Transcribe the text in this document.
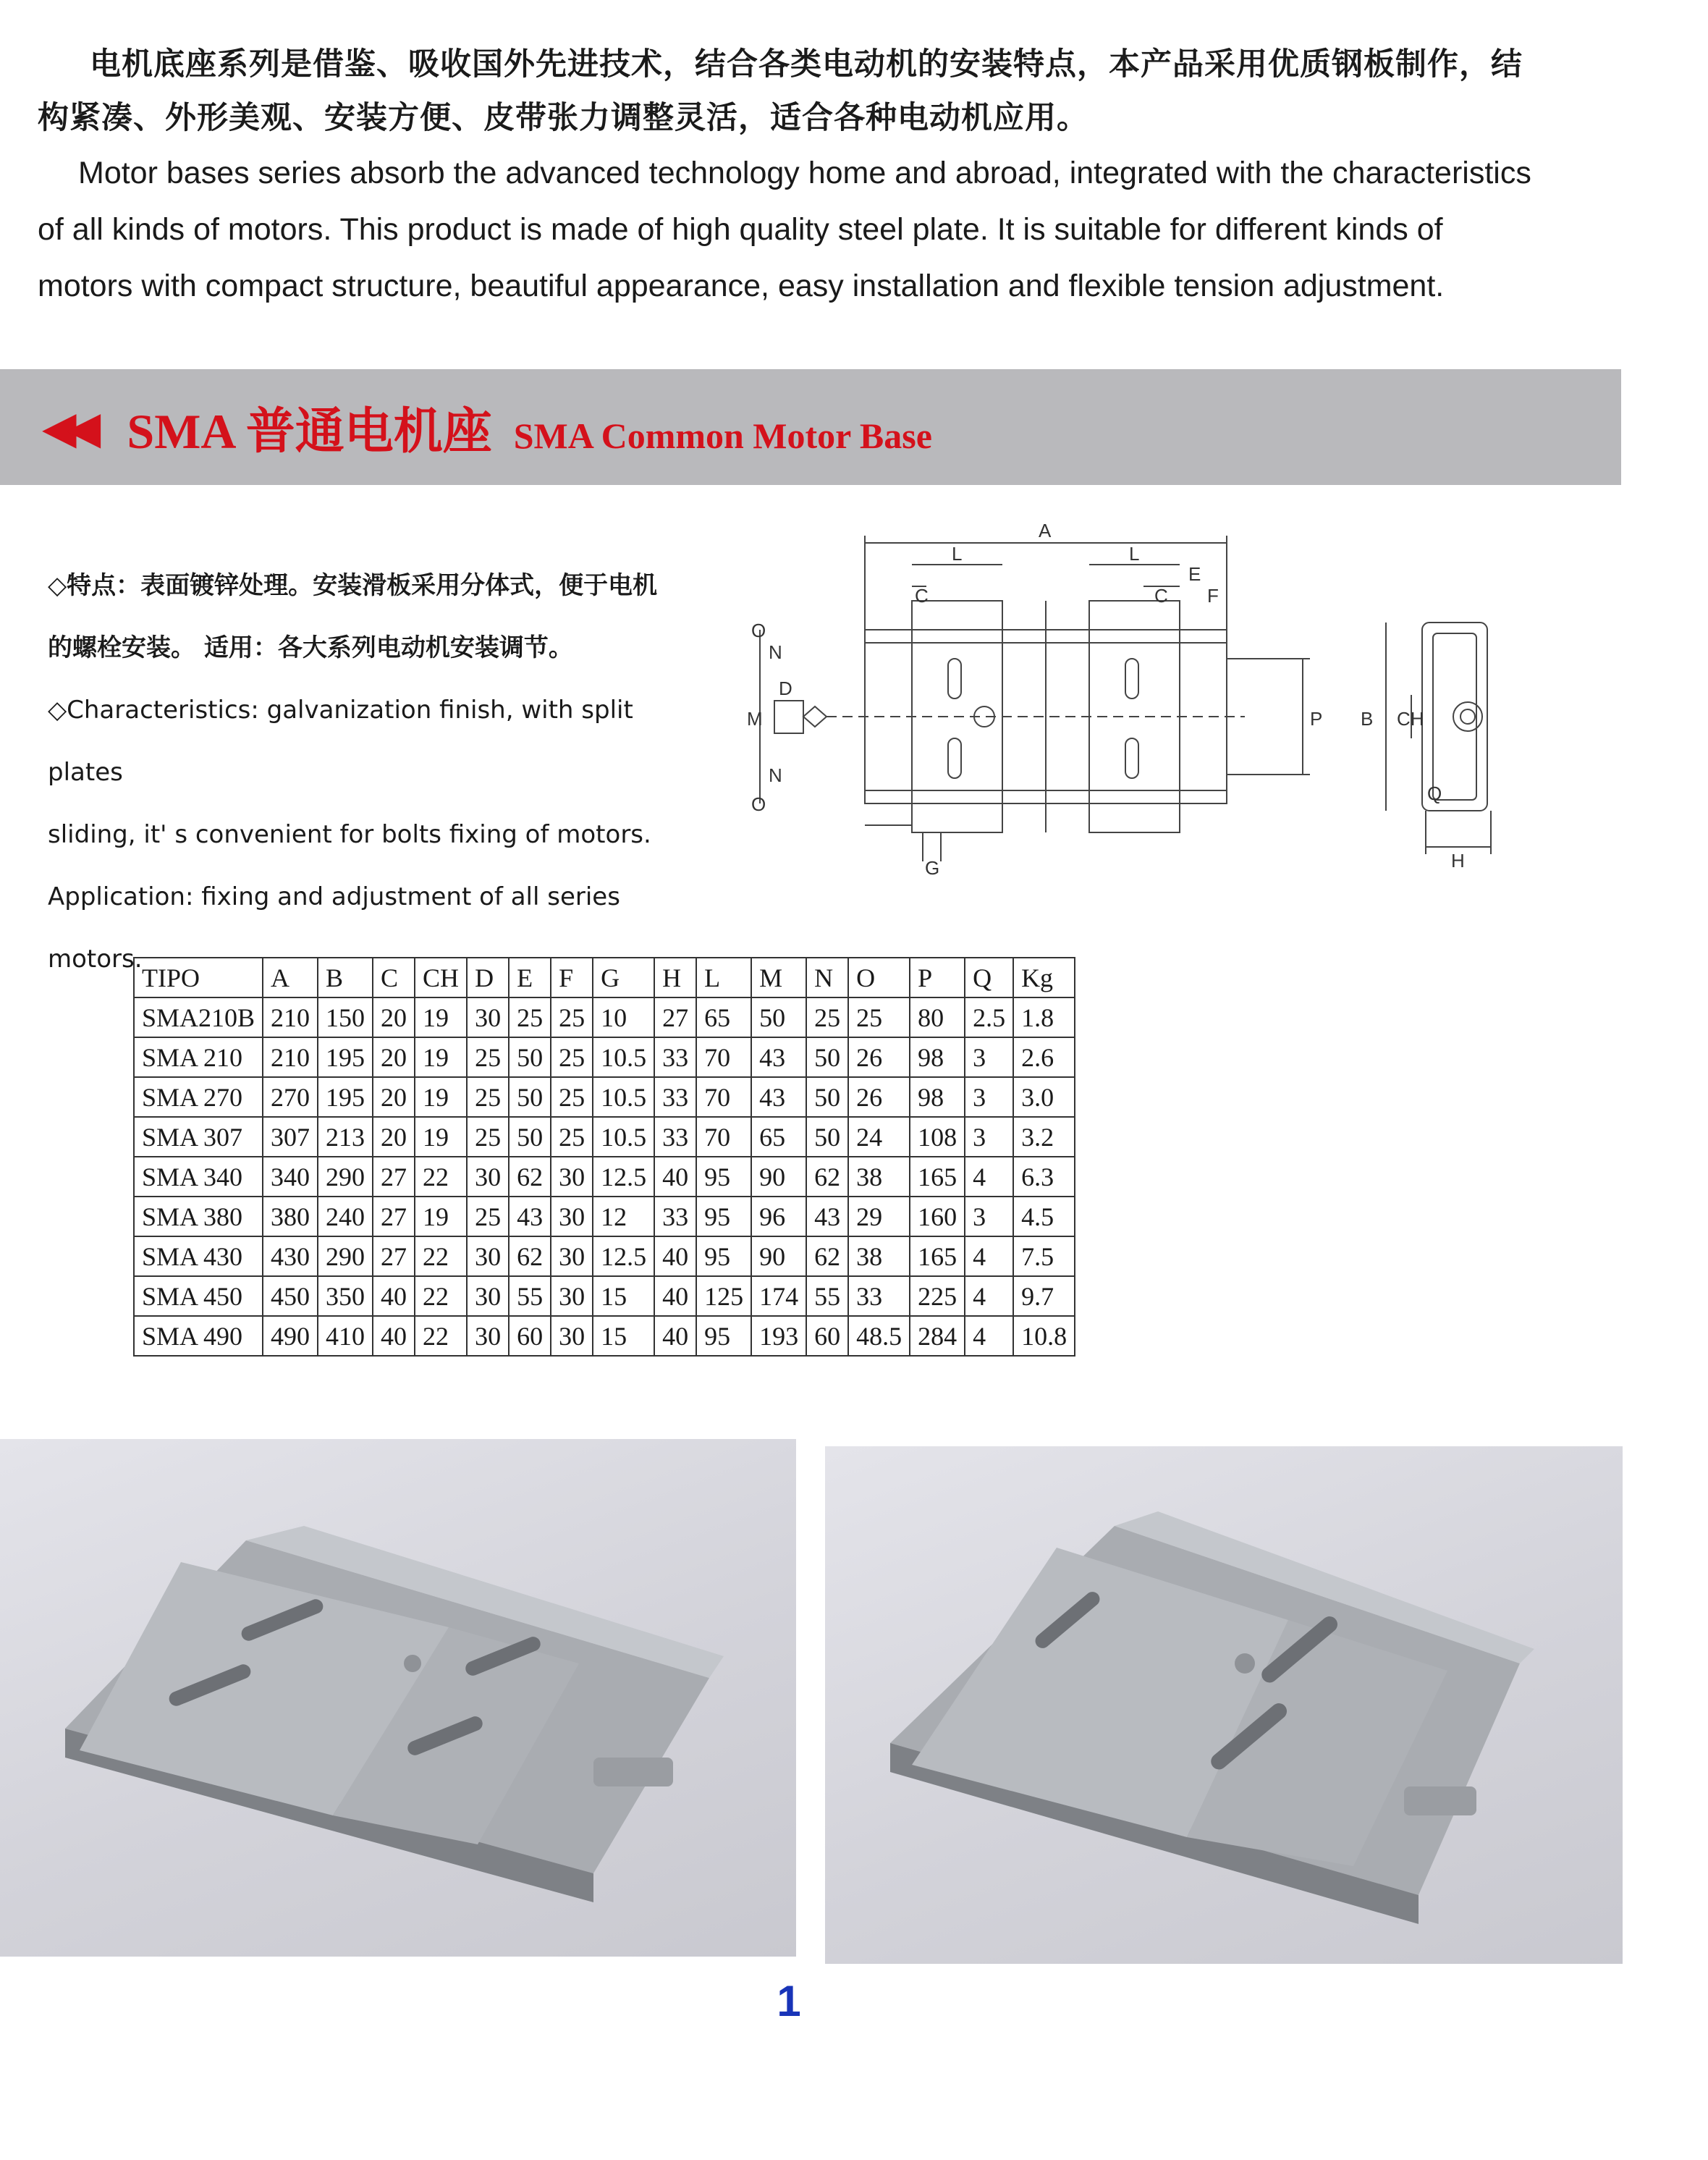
电机底座系列是借鉴、吸收国外先进技术，结合各类电动机的安装特点，本产品采用优质钢板制作，结构紧凑、外形美观、安装方便、皮带张力调整灵活，适合各种电动机应用。

Motor bases series absorb the advanced technology home and abroad, integrated with the characteristics of all kinds of motors. This product is made of high quality steel plate. It is suitable for different kinds of motors with compact structure, beautiful appearance, easy installation and flexible tension adjustment.

◀◀ SMA 普通电机座 SMA Common Motor Base

◇特点：表面镀锌处理。安装滑板采用分体式，便于电机

的螺栓安装。 适用：各大系列电动机安装调节。

◇Characteristics: galvanization finish, with split plates

sliding, it' s convenient for bolts fixing of motors.

Application: fixing and adjustment of all series motors.

A
L	L
C	C
E
F
D
M
N
N
O
O
P B CH
Q
G	H
TIPO	A	B	C	CH	D	E	F	G	H	L	M	N	O	P	Q	Kg
SMA210B	210	150	20	19	30	25	25	10	27	65	50	25	25	80	2.5	1.8
SMA 210	210	195	20	19	25	50	25	10.5	33	70	43	50	26	98	3	2.6
SMA 270	270	195	20	19	25	50	25	10.5	33	70	43	50	26	98	3	3.0
SMA 307	307	213	20	19	25	50	25	10.5	33	70	65	50	24	108	3	3.2
SMA 340	340	290	27	22	30	62	30	12.5	40	95	90	62	38	165	4	6.3
SMA 380	380	240	27	19	25	43	30	12	33	95	96	43	29	160	3	4.5
SMA 430	430	290	27	22	30	62	30	12.5	40	95	90	62	38	165	4	7.5
SMA 450	450	350	40	22	30	55	30	15	40	125	174	55	33	225	4	9.7
SMA 490	490	410	40	22	30	60	30	15	40	95	193	60	48.5	284	4	10.8
1
